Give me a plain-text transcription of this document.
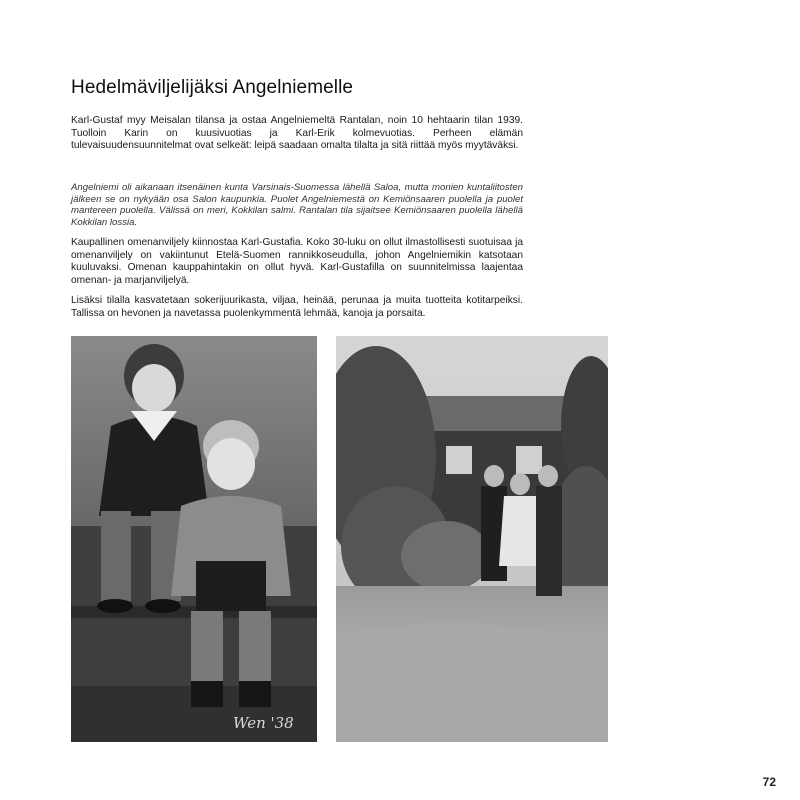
Hedelmäviljelijäksi Angelniemelle

Karl-Gustaf myy Meisalan tilansa ja ostaa Angelniemeltä Rantalan, noin 10 hehtaarin tilan 1939. Tuolloin Karin on kuusivuotias ja Karl-Erik kolmevuotias. Perheen elämän tulevaisuudensuunnitelmat ovat selkeät: leipä saadaan omalta tilalta ja sitä riittää myös myytäväksi.

Angelniemi oli aikanaan itsenäinen kunta Varsinais-Suomessa lähellä Saloa, mutta monien kuntaliitosten jälkeen se on nykyään osa Salon kaupunkia. Puolet Angelniemestä on Kemiönsaaren puolella ja puolet mantereen puolella. Välissä on meri, Kokkilan salmi. Rantalan tila sijaitsee Kemiönsaaren puolella lähellä Kokkilan lossia.

Kaupallinen omenanviljely kiinnostaa Karl-Gustafia. Koko 30-luku on ollut ilmastollisesti suotuisaa ja omenanviljely on vakiintunut Etelä-Suomen rannikkoseudulla, johon Angelniemikin katsotaan kuuluvaksi. Omenan kauppahintakin on ollut hyvä. Karl-Gustafilla on suunnitelmissa laajentaa omenan- ja marjanviljelyä.

Lisäksi tilalla kasvatetaan sokerijuurikasta, viljaa, heinää, perunaa ja muita tuotteita kotitarpeiksi. Tallissa on hevonen ja navetassa puolenkymmentä lehmää, kanoja ja porsaita.

Wen '38
72
